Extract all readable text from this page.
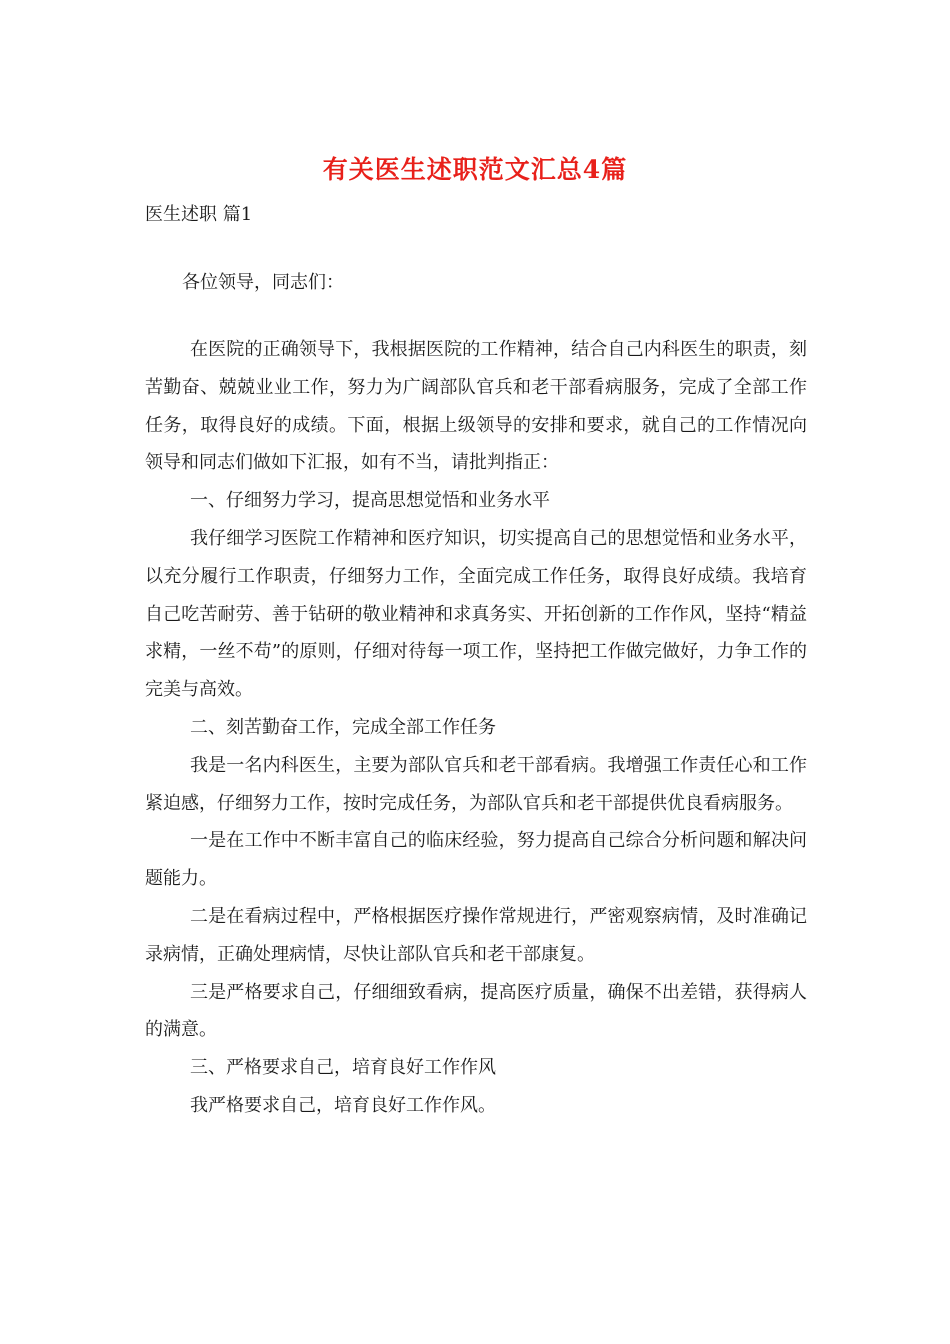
有关医生述职范文汇总4篇
医生述职 篇1
各位领导，同志们：

在医院的正确领导下，我根据医院的工作精神，结合自己内科医生的职责，刻苦勤奋、兢兢业业工作，努力为广阔部队官兵和老干部看病服务，完成了全部工作任务，取得良好的成绩。下面，根据上级领导的安排和要求，就自己的工作情况向领导和同志们做如下汇报，如有不当，请批判指正：

一、仔细努力学习，提高思想觉悟和业务水平

我仔细学习医院工作精神和医疗知识，切实提高自己的思想觉悟和业务水平，以充分履行工作职责，仔细努力工作，全面完成工作任务，取得良好成绩。我培育自己吃苦耐劳、善于钻研的敬业精神和求真务实、开拓创新的工作作风，坚持“精益求精，一丝不苟”的原则，仔细对待每一项工作，坚持把工作做完做好，力争工作的完美与高效。

二、刻苦勤奋工作，完成全部工作任务

我是一名内科医生，主要为部队官兵和老干部看病。我增强工作责任心和工作紧迫感，仔细努力工作，按时完成任务，为部队官兵和老干部提供优良看病服务。

一是在工作中不断丰富自己的临床经验，努力提高自己综合分析问题和解决问题能力。

二是在看病过程中，严格根据医疗操作常规进行，严密观察病情，及时准确记录病情，正确处理病情，尽快让部队官兵和老干部康复。

三是严格要求自己，仔细细致看病，提高医疗质量，确保不出差错，获得病人的满意。

三、严格要求自己，培育良好工作作风

我严格要求自己，培育良好工作作风。
